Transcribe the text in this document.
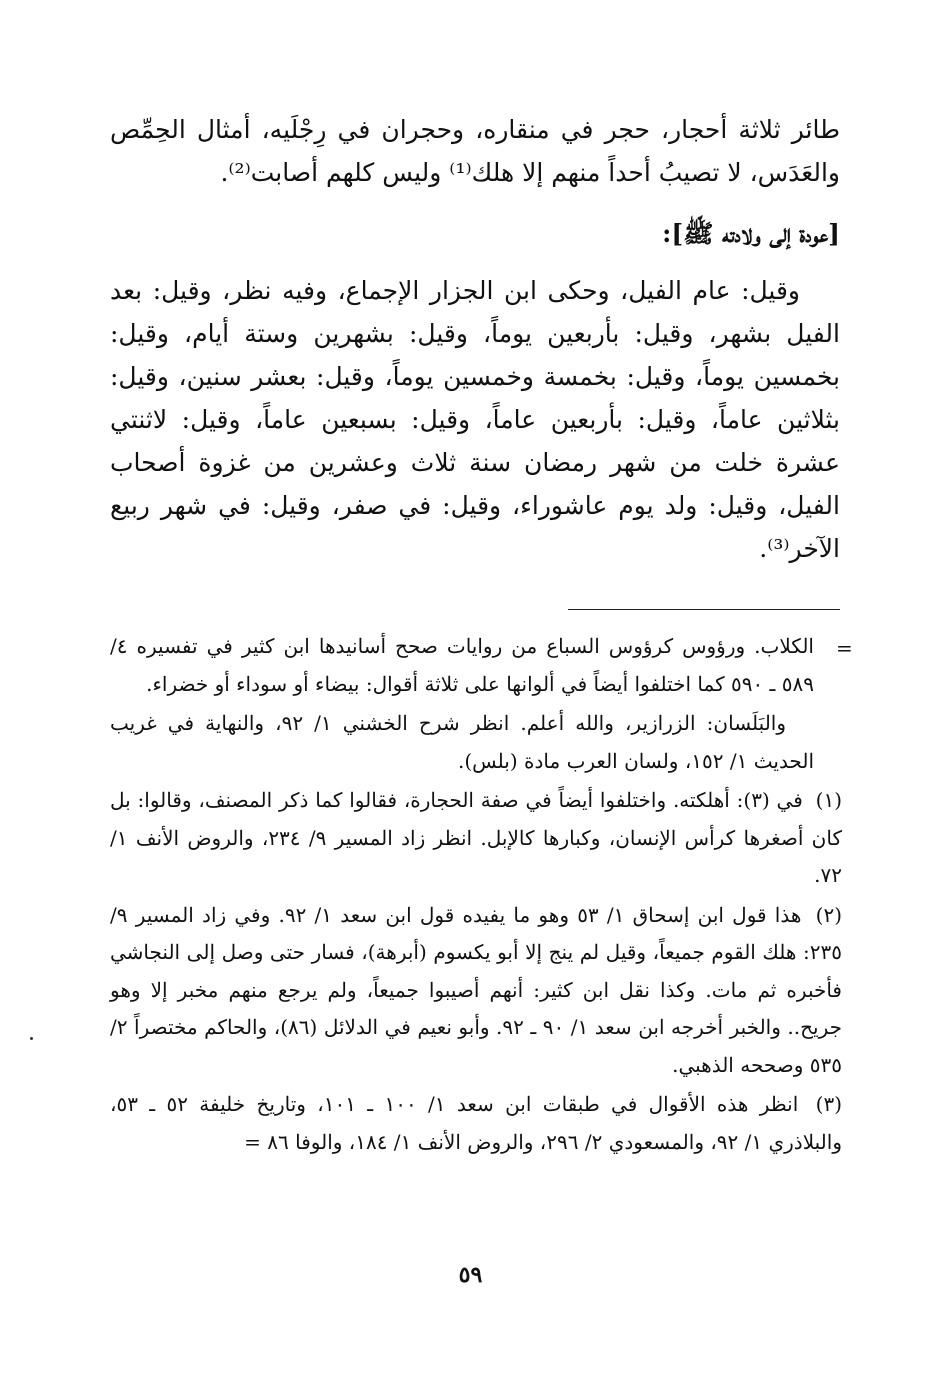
طائر ثلاثة أحجار، حجر في منقاره، وحجران في رِجْلَيه، أمثال الحِمِّص والعَدَس، لا تصيبُ أحداً منهم إلا هلك⁽¹⁾ وليس كلهم أصابت⁽²⁾.

[عودة إلى ولادته ﷺ]:

وقيل: عام الفيل، وحكى ابن الجزار الإجماع، وفيه نظر، وقيل: بعد الفيل بشهر، وقيل: بأربعين يوماً، وقيل: بشهرين وستة أيام، وقيل: بخمسين يوماً، وقيل: بخمسة وخمسين يوماً، وقيل: بعشر سنين، وقيل: بثلاثين عاماً، وقيل: بأربعين عاماً، وقيل: بسبعين عاماً، وقيل: لاثنتي عشرة خلت من شهر رمضان سنة ثلاث وعشرين من غزوة أصحاب الفيل، وقيل: ولد يوم عاشوراء، وقيل: في صفر، وقيل: في شهر ربيع الآخر⁽³⁾.

=
الكلاب. ورؤوس كرؤوس السباع من روايات صحح أسانيدها ابن كثير في تفسيره ٤/ ٥٨٩ ـ ٥٩٠ كما اختلفوا أيضاً في ألوانها على ثلاثة أقوال: بيضاء أو سوداء أو خضراء.
والبَلَسان: الزرازير، والله أعلم. انظر شرح الخشني ١/ ٩٢، والنهاية في غريب الحديث ١/ ١٥٢، ولسان العرب مادة (بلس).
(١) في (٣): أهلكته. واختلفوا أيضاً في صفة الحجارة، فقالوا كما ذكر المصنف، وقالوا: بل كان أصغرها كرأس الإنسان، وكبارها كالإبل. انظر زاد المسير ٩/ ٢٣٤، والروض الأنف ١/ ٧٢.
(٢) هذا قول ابن إسحاق ١/ ٥٣ وهو ما يفيده قول ابن سعد ١/ ٩٢. وفي زاد المسير ٩/ ٢٣٥: هلك القوم جميعاً، وقيل لم ينج إلا أبو يكسوم (أبرهة)، فسار حتى وصل إلى النجاشي فأخبره ثم مات. وكذا نقل ابن كثير: أنهم أصيبوا جميعاً، ولم يرجع منهم مخبر إلا وهو جريح.. والخبر أخرجه ابن سعد ١/ ٩٠ ـ ٩٢. وأبو نعيم في الدلائل (٨٦)، والحاكم مختصراً ٢/ ٥٣٥ وصححه الذهبي.
(٣) انظر هذه الأقوال في طبقات ابن سعد ١/ ١٠٠ ـ ١٠١، وتاريخ خليفة ٥٢ ـ ٥٣، والبلاذري ١/ ٩٢، والمسعودي ٢/ ٢٩٦، والروض الأنف ١/ ١٨٤، والوفا ٨٦ =
٥٩
